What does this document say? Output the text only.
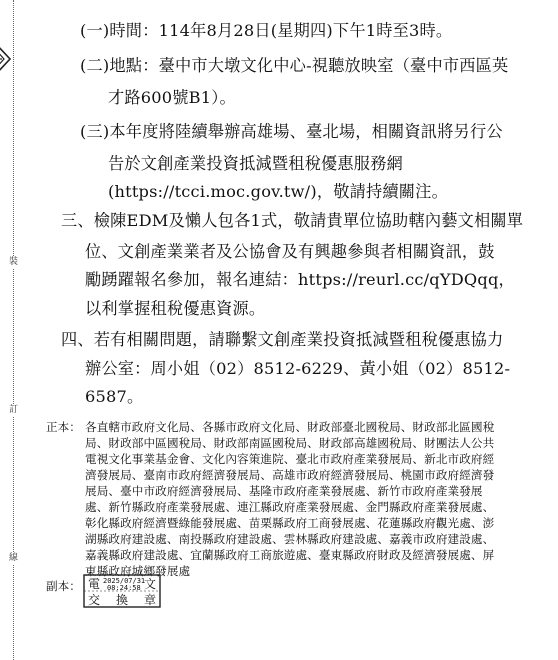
裝
訂
線
(一)時間：114年8月28日(星期四)下午1時至3時。
(二)地點：臺中市大墩文化中心-視聽放映室（臺中市西區英
才路600號B1）。
(三)本年度將陸續舉辦高雄場、臺北場，相關資訊將另行公
告於文創產業投資抵減暨租稅優惠服務網
(https://tcci.moc.gov.tw/)，敬請持續關注。
三、檢陳EDM及懶人包各1式，敬請貴單位協助轄內藝文相關單
位、文創產業業者及公協會及有興趣參與者相關資訊，鼓
勵踴躍報名參加，報名連結：https://reurl.cc/qYDQqq，
以利掌握租稅優惠資源。
四、若有相關問題，請聯繫文創產業投資抵減暨租稅優惠協力
辦公室：周小姐（02）8512-6229、黃小姐（02）8512-
6587。
正本： 各直轄市政府文化局、各縣市政府文化局、財政部臺北國稅局、財政部北區國稅
局、財政部中區國稅局、財政部南區國稅局、財政部高雄國稅局、財團法人公共
電視文化事業基金會、文化內容策進院、臺北市政府產業發展局、新北市政府經
濟發展局、臺南市政府經濟發展局、高雄市政府經濟發展局、桃園市政府經濟發
展局、臺中市政府經濟發展局、基隆市政府產業發展處、新竹市政府產業發展
處、新竹縣政府產業發展處、連江縣政府產業發展處、金門縣政府產業發展處、
彰化縣政府經濟暨綠能發展處、苗栗縣政府工商發展處、花蓮縣政府觀光處、澎
湖縣政府建設處、南投縣政府建設處、雲林縣政府建設處、嘉義市政府建設處、
嘉義縣政府建設處、宜蘭縣政府工商旅遊處、臺東縣政府財政及經濟發展處、屏
東縣政府城鄉發展處
副本： 電 2025/07/31
08:24:58 文
交 換 章
